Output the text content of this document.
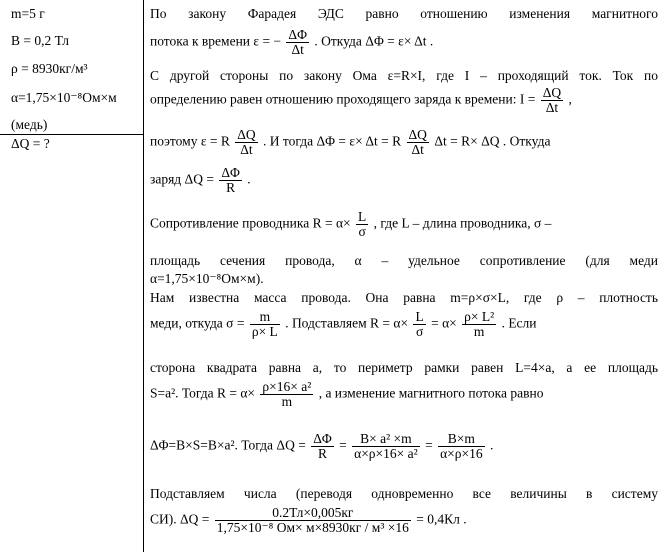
m=5 г
B = 0,2 Тл
ρ = 8930кг/м³
α=1,75×10⁻⁸Ом×м
(медь)
ΔQ = ?
По закону Фарадея ЭДС равно отношению изменения магнитного
потока к времени ε = − $\frac{\Delta\Phi}{\Delta t}$ . Откуда ΔΦ = ε× Δt .
С другой стороны по закону Ома ε=R×I, где I – проходящий ток. Ток по
определению равен отношению проходящего заряда к времени: $I = \frac{\Delta Q}{\Delta t}$ ,
поэтому ε = R $\frac{\Delta Q}{\Delta t}$ . И тогда ΔΦ = ε× Δt = R $\frac{\Delta Q}{\Delta t}$ Δt = R× ΔQ . Откуда
заряд $\Delta Q = \frac{\Delta\Phi}{R}$ .
Сопротивление проводника $R = \alpha\times \frac{L}{\sigma}$ , где L – длина проводника, σ –
площадь сечения провода, α – удельное сопротивление (для меди
α=1,75×10⁻⁸Ом×м).
Нам известна масса провода. Она равна m=ρ×σ×L, где ρ – плотность
меди, откуда $\sigma = \frac{m}{\rho\times L}$ . Подставляем $R = \alpha\times \frac{L}{\sigma} = \alpha\times \frac{\text{ρ× L²}}{m}$ . Если
сторона квадрата равна а, то периметр рамки равен L=4×а, а ее площадь
S=a². Тогда $R = \alpha\times \frac{\text{ρ×16× a²}}{m}$ , а изменение магнитного потока равно
ΔΦ=B×S=B×a². Тогда $\Delta Q = \frac{\Delta\Phi}{R} = \frac{\text{B× a² ×m}}{\text{α×ρ×16× a²}} = \frac{B\times m}{\alpha\times\rho\times 16}$ .
Подставляем числа (переводя одновременно все величины в систему
СИ). $\Delta Q = \frac{0.2Тл\times 0,005кг}{\text{1,75×10⁻⁸ Ом× м×8930кг / м³ ×16}} = 0,4Кл$ .
